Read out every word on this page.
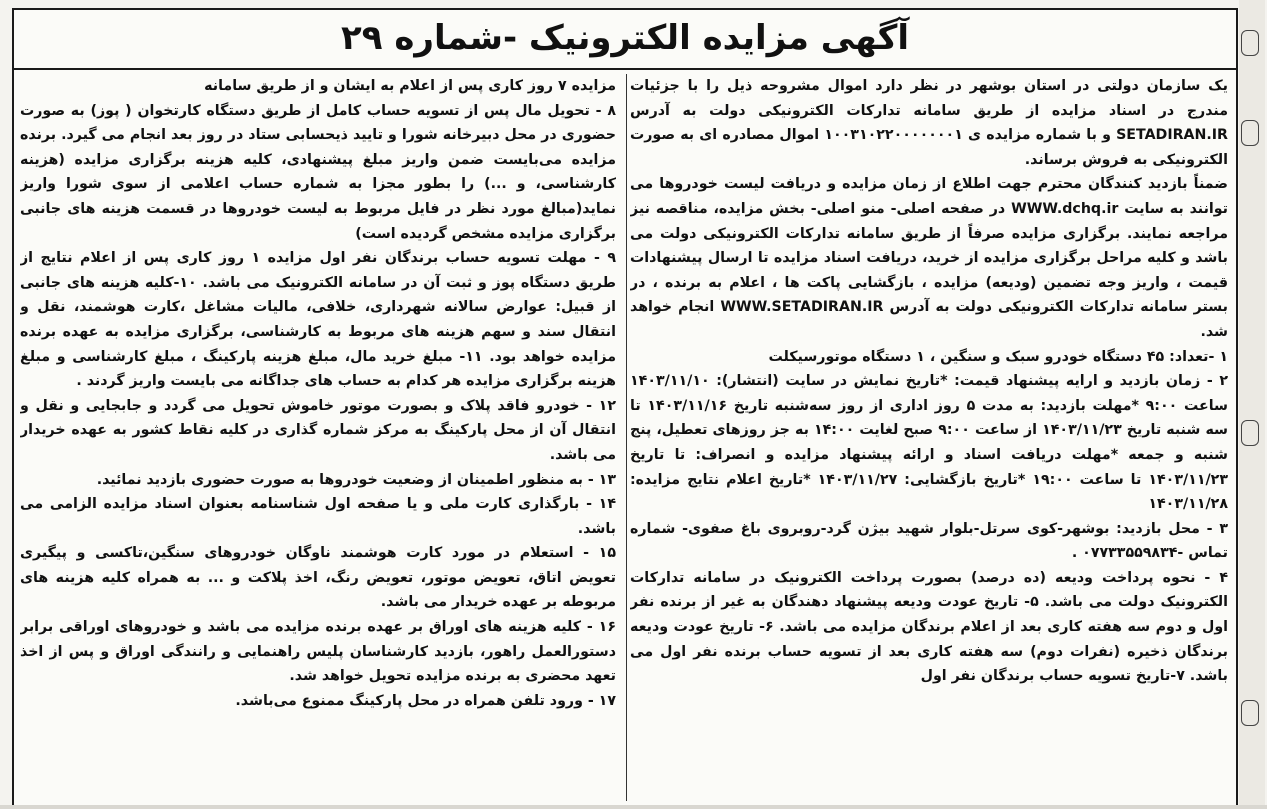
آگهی مزایده الکترونیک -شماره ۲۹

یک سازمان دولتی در استان بوشهر در نظر دارد اموال مشروحه ذیل را با جزئیات مندرج در اسناد مزایده از طریق سامانه تدارکات الکترونیکی دولت به آدرس SETADIRAN.IR و با شماره مزایده ی ۱۰۰۳۱۰۲۲۰۰۰۰۰۰۰۱ اموال مصادره ای به صورت الکترونیکی به فروش برساند.

ضمناً بازدید کنندگان محترم جهت اطلاع از زمان مزایده و دریافت لیست خودروها می توانند به سایت WWW.dchq.ir در صفحه اصلی- منو اصلی- بخش مزایده، مناقصه نیز مراجعه نمایند. برگزاری مزایده صرفاً از طریق سامانه تدارکات الکترونیکی دولت می باشد و کلیه مراحل برگزاری مزایده از خرید، دریافت اسناد مزایده تا ارسال پیشنهادات قیمت ، واریز وجه تضمین (ودیعه) مزایده ، بازگشایی پاکت ها ، اعلام به برنده ، در بستر سامانه تدارکات الکترونیکی دولت به آدرس WWW.SETADIRAN.IR انجام خواهد شد.

۱ -تعداد: ۴۵ دستگاه خودرو سبک و سنگین ، ۱ دستگاه موتورسیکلت

۲ - زمان بازدید و ارایه پیشنهاد قیمت: *تاریخ نمایش در سایت (انتشار): ۱۴۰۳/۱۱/۱۰ ساعت ۹:۰۰ *مهلت بازدید: به مدت ۵ روز اداری از روز سه‌شنبه تاریخ ۱۴۰۳/۱۱/۱۶ تا سه شنبه تاریخ ۱۴۰۳/۱۱/۲۳ از ساعت ۹:۰۰ صبح لغایت ۱۴:۰۰ به جز روزهای تعطیل، پنج شنبه و جمعه *مهلت دریافت اسناد و ارائه پیشنهاد مزایده و انصراف: تا تاریخ ۱۴۰۳/۱۱/۲۳ تا ساعت ۱۹:۰۰ *تاریخ بازگشایی: ۱۴۰۳/۱۱/۲۷ *تاریخ اعلام نتایج مزایده: ۱۴۰۳/۱۱/۲۸

۳ - محل بازدید: بوشهر-کوی سرتل-بلوار شهید بیژن گرد-روبروی باغ صفوی- شماره تماس -۰۷۷۳۳۵۵۹۸۳۴ .

۴ - نحوه پرداخت ودیعه (ده درصد) بصورت پرداخت الکترونیک در سامانه تدارکات الکترونیک دولت می باشد. ۵- تاریخ عودت ودیعه پیشنهاد دهندگان به غیر از برنده نفر اول و دوم سه هفته کاری بعد از اعلام برندگان مزایده می باشد. ۶- تاریخ عودت ودیعه برندگان ذخیره (نفرات دوم) سه هفته کاری بعد از تسویه حساب برنده نفر اول می باشد. ۷-تاریخ تسویه حساب برندگان نفر اول

مزایده ۷ روز کاری پس از اعلام به ایشان و از طریق سامانه

۸ - تحویل مال پس از تسویه حساب کامل از طریق دستگاه کارتخوان ( پوز) به صورت حضوری در محل دبیرخانه شورا و تایید ذیحسابی ستاد در روز بعد انجام می گیرد. برنده مزایده می‌بایست ضمن واریز مبلغ پیشنهادی، کلیه هزینه برگزاری مزایده (هزینه کارشناسی، و ...) را بطور مجزا به شماره حساب اعلامی از سوی شورا واریز نماید(مبالغ مورد نظر در فایل مربوط به لیست خودروها در قسمت هزینه های جانبی برگزاری مزایده مشخص گردیده است)

۹ - مهلت تسویه حساب برندگان نفر اول مزایده ۱ روز کاری پس از اعلام نتایج از طریق دستگاه پوز و ثبت آن در سامانه الکترونیک می باشد. ۱۰-کلیه هزینه های جانبی از قبیل: عوارض سالانه شهرداری، خلافی، مالیات مشاغل ،کارت هوشمند، نقل و انتقال سند و سهم هزینه های مربوط به کارشناسی، برگزاری مزایده به عهده برنده مزایده خواهد بود. ۱۱- مبلغ خرید مال، مبلغ هزینه پارکینگ ، مبلغ کارشناسی و مبلغ هزینه برگزاری مزایده هر کدام به حساب های جداگانه می بایست واریز گردند .

۱۲ - خودرو فاقد پلاک و بصورت موتور خاموش تحویل می گردد و جابجایی و نقل و انتقال آن از محل پارکینگ به مرکز شماره گذاری در کلیه نقاط کشور به عهده خریدار می باشد.

۱۳ - به منظور اطمینان از وضعیت خودروها به صورت حضوری بازدید نمائید.

۱۴ - بارگذاری کارت ملی و یا صفحه اول شناسنامه بعنوان اسناد مزایده الزامی می باشد.

۱۵ - استعلام در مورد کارت هوشمند ناوگان خودروهای سنگین،تاکسی و پیگیری تعویض اتاق، تعویض موتور، تعویض رنگ، اخذ پلاکت و ... به همراه کلیه هزینه های مربوطه بر عهده خریدار می باشد.

۱۶ - کلیه هزینه های اوراق بر عهده برنده مزایده می باشد و خودروهای اوراقی برابر دستورالعمل راهور، بازدید کارشناسان پلیس راهنمایی و رانندگی اوراق و پس از اخذ تعهد محضری به برنده مزایده تحویل خواهد شد.

۱۷ - ورود تلفن همراه در محل پارکینگ ممنوع می‌باشد.
